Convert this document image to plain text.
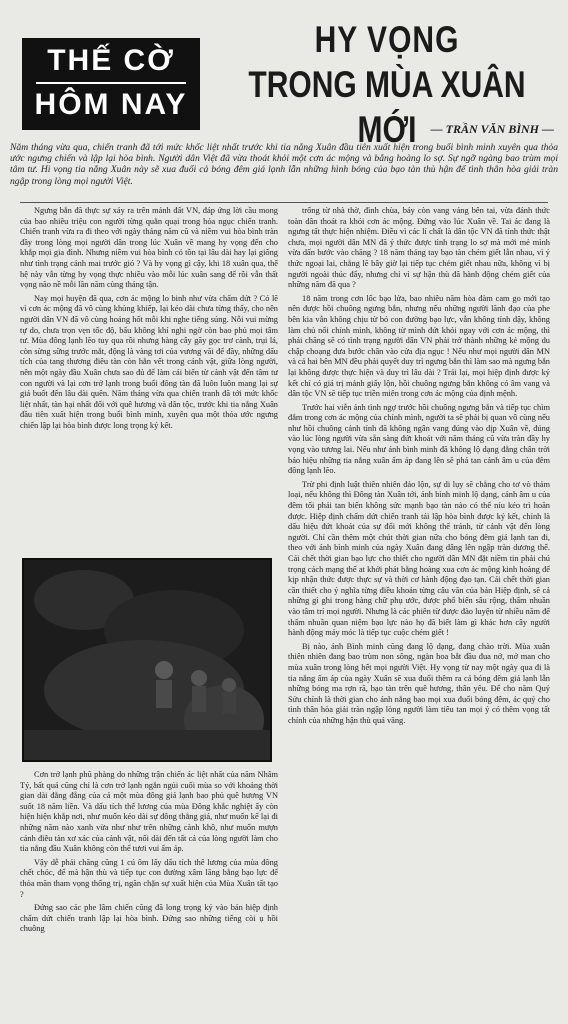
THẾ CỜ
HÔM NAY
HY VỌNG
TRONG MÙA XUÂN MỚI	— TRẦN VĂN BÌNH —
Năm tháng vừa qua, chiến tranh đã tới mức khốc liệt nhất trước khi tia nắng Xuân đầu tiên xuất hiện trong buổi bình minh xuyên qua thỏa ước ngưng chiến và lập lại hòa bình. Người dân Việt đã vừa thoát khỏi một cơn ác mộng và bắng hoàng lo sợ. Sự ngỡ ngàng bao trùm mọi tâm tư. Hi vọng tia nắng Xuân này sẽ xua đuổi cả bóng đêm giá lạnh lẫn những hình bóng của bạo tàn thù hận để tình thân hòa giải tràn ngập trong lòng mọi người Việt.

Ngưng bắn đã thực sự xảy ra trên mảnh đất VN, đáp ứng lời cầu mong của bao nhiêu triệu con người từng quằn quại trong hỏa ngục chiến tranh. Chiến tranh vừa ra đi theo với ngày tháng năm cũ và niềm vui hòa bình tràn đầy trong lòng mọi người dân trong lúc Xuân về mang hy vọng đến cho khắp mọi gia đình. Nhưng niềm vui hòa bình có tồn tại lâu dài hay lại giống như tình trạng cảnh mai trước gió ? Và hy vọng gì cậy, khi 18 xuân qua, thế hệ này vẫn từng hy vọng thực nhiều vào mỗi lúc xuân sang để rồi vẫn thất vọng não nề mỗi lần năm cùng tháng tận.

Nay mọi huyện đã qua, cơn ác mộng lo binh như vừa chấm dứt ? Có lẽ vì cơn ác mộng đã vô cùng khủng khiếp, lại kéo dài chưa từng thấy, cho nên người dân VN đã vô cùng hoảng hốt mỗi khi nghe tiếng súng. Nỗi vui mừng tự do, chưa trọn vẹn tốc độ, bấu không khí nghi ngờ còn bao phủ mọi tâm tư. Mùa đông lạnh lẽo tuy qua rồi nhưng hàng cây gãy gọc trơ cành, trụi lá, còn sừng sững trước mắt, động là vàng tơi của vương vãi để đầy, những dấu tích của tang thương điêu tàn còn hằn vết trong cảnh vật, giữa lòng người, nên một ngày đầu Xuân chưa sao đủ để làm cải biến từ cảnh vật đến tâm tư con người và lại cơn trở lạnh trong buổi đông tàn đã luôn luôn mang lại sự giá buốt đến lâu dài quên. Năm tháng vừa qua chiến tranh đã tới mức khốc liệt nhất, tàn hại nhất đối với quê hương và dân tộc, trước khi tia nắng Xuân đầu tiên xuất hiện trong buổi bình minh, xuyên qua một thỏa ước ngưng chiến lập lại hòa bình được long trọng ký kết.

Cơn trở lạnh phũ phàng do những trận chiến ác liệt nhất của năm Nhâm Tý, bất quá cũng chỉ là cơn trở lạnh ngắn ngủi cuối mùa so với khoảng thời gian dài đằng đẵng của cả một mùa đông giá lạnh bao phủ quê hương VN suốt 18 năm liền. Và dấu tích thế lương của mùa Đông khắc nghiệt ấy còn hiện hiện khắp nơi, như muốn kéo dài sự đông thẳng giá, như muốn kể lại đi những năm nào xanh vừa như như trên những cành khô, như muốn mượn cảnh điêu tàn xơ xác của cảnh vật, nối dài đến tất cả của lòng người làm cho tia nắng đầu Xuân không còn thể tươi vui ấm áp.

Vậy dễ phải chăng cũng 1 cú ôm lấy dấu tích thê lương của mùa đông chết chóc, để mà hận thù và tiếp tục con đường xâm lăng bằng bạo lực để thỏa mãn tham vọng thống trị, ngăn chặn sự xuất hiện của Mùa Xuân tất tạo ?

Đứng sao các phe lâm chiến cũng đã long trọng ký vào bản hiệp định chấm dứt chiến tranh lập lại hòa bình. Đứng sao những tiếng còi ụ hồi chuông

trống từ nhà thờ, đình chùa, báy còn vang vảng bên tai, vừa đánh thức toàn dân thoát ra khỏi cơn ác mộng. Đứng vào lúc Xuân về. Tai ác đang là ngưng tất thực hiện nhiệm. Điều vì các lí chất là dân tộc VN đã tính thức thật chưa, mọi người dân MN đã ý thức được tình trạng lo sợ mà mới mẻ mình vừa dấn bước vào chăng ? 18 năm tháng tay bạo tàn chém giết lẫn nhau, vì ý thức ngoại lai, chẳng lẽ bây giờ lại tiếp tục chém giết nhau nữa, không vì bị người ngoài thúc đẩy, nhưng chỉ vì sự hận thù đã hành động chém giết của những năm đã qua ?

18 năm trong cơn lốc bạo lửa, bao nhiêu năm hòa đàm cam go mới tạo nên được hồi chuông ngưng bắn, nhưng nếu những người lãnh đạo của phe bên kia vẫn không chịu từ bỏ con đường bạo lực, vẫn không tỉnh dậy, không làm chủ nổi chính mình, không từ mình đứt khỏi ngay với cơn ác mộng, thì phải chăng sẽ có tình trạng người dân VN phải trở thành những kẻ mộng du chập choạng đưa bước chân vào cửa địa ngục ! Nếu như mọi người dân MN và cả hai bên MN đều phải quyết duy trì ngưng bắn thì làm sao mà ngưng bắn lại không được thực hiện và duy trì lâu dài ? Trái lại, mọi hiệp định được ký kết chỉ có giá trị mảnh giấy lộn, hồi chuông ngưng bắn không có âm vang và dân tộc VN sẽ tiếp tục triền miên trong cơn ác mộng của định mệnh.

Trước hai viễn ảnh tình ngợ trước hồi chuông ngưng bắn và tiếp tục chìm đắm trong cơn ác mộng của chính mình, người ta sẽ phải bị quan vô cùng nếu như hồi chuông cảnh tỉnh đã không ngân vang đúng vào dịp Xuân về, đúng vào lúc lòng người vừa sẵn sàng đứt khoát với năm tháng cũ vừa tràn đầy hy vọng vào tương lai. Nếu như ánh bình minh đã không lộ dạng đằng chân trời báo hiệu những tia nắng xuân ấm áp đang lên sẽ phá tan cảnh âm u của đêm đông lạnh lẽo.

Trừ phi định luật thiên nhiên đảo lộn, sự di lụy sẽ chẳng cho tơ vò thảm loại, nếu không thì Đông tàn Xuân tới, ánh bình minh lộ dạng, cảnh âm u của đêm tối phải tan biến không sức mạnh bạo tàn nào có thể níu kéo trì hoãn được. Hiệp định chấm dứt chiến tranh tái lập hòa bình được ký kết, chỉnh là dấu hiệu đứt khoát của sự đổi mới không thể tránh, từ cảnh vật đến lòng người. Chỉ cần thêm một chút thời gian nữa cho bóng đêm giá lạnh tan đi, theo với ánh bình minh của ngày Xuân đang dâng lên ngập tràn dương thế. Cái chết thời gian bạo lực cho thiết cho người dân MN đặt niềm tin phải chú trọng cách mạng thế at khởi phát bằng hoàng xua cơn ác mộng kinh hoàng để kịp nhận thức được thực sự và thời cơ hành động đạo tạn. Cái chết thời gian cần thiết cho ý nghĩa từng điều khoản từng câu văn của bản Hiệp định, sẽ cả những gì ghi trong hàng chữ phụ ước, được phổ biến sâu rộng, thấm nhuần vào tâm trí mọi người. Nhưng là các phiên từ được đào luyện từ nhiều năm để thấm nhuần quan niệm bạo lực nào họ đã biết làm gì khác hơn cây người hành động máy móc là tiếp tục cuộc chém giết !

Bị nào, ánh Bình minh cũng đang lộ dạng, đang chào trời. Mùa xuân thiên nhiên đang bao trùm non sông, ngàn hoa bắt đầu đua nở, mở man cho mùa xuân trong lòng hết mọi người Việt. Hy vọng từ nay một ngày qua đi là tia nắng ấm áp của ngày Xuân sẽ xua đuổi thêm ra cả bóng đêm giá lạnh lẫn những bóng ma rợn rã, bạo tàn trên quê hương, thân yêu. Để cho năm Quý Sửu chính là thời gian cho ánh nắng bao mọi xua đuổi bóng đêm, ác quỷ cho tình thân hòa giải tràn ngập lòng người làm tiêu tan mọi ý có thêm vọng tất chính của những hận thù quá vãng.
